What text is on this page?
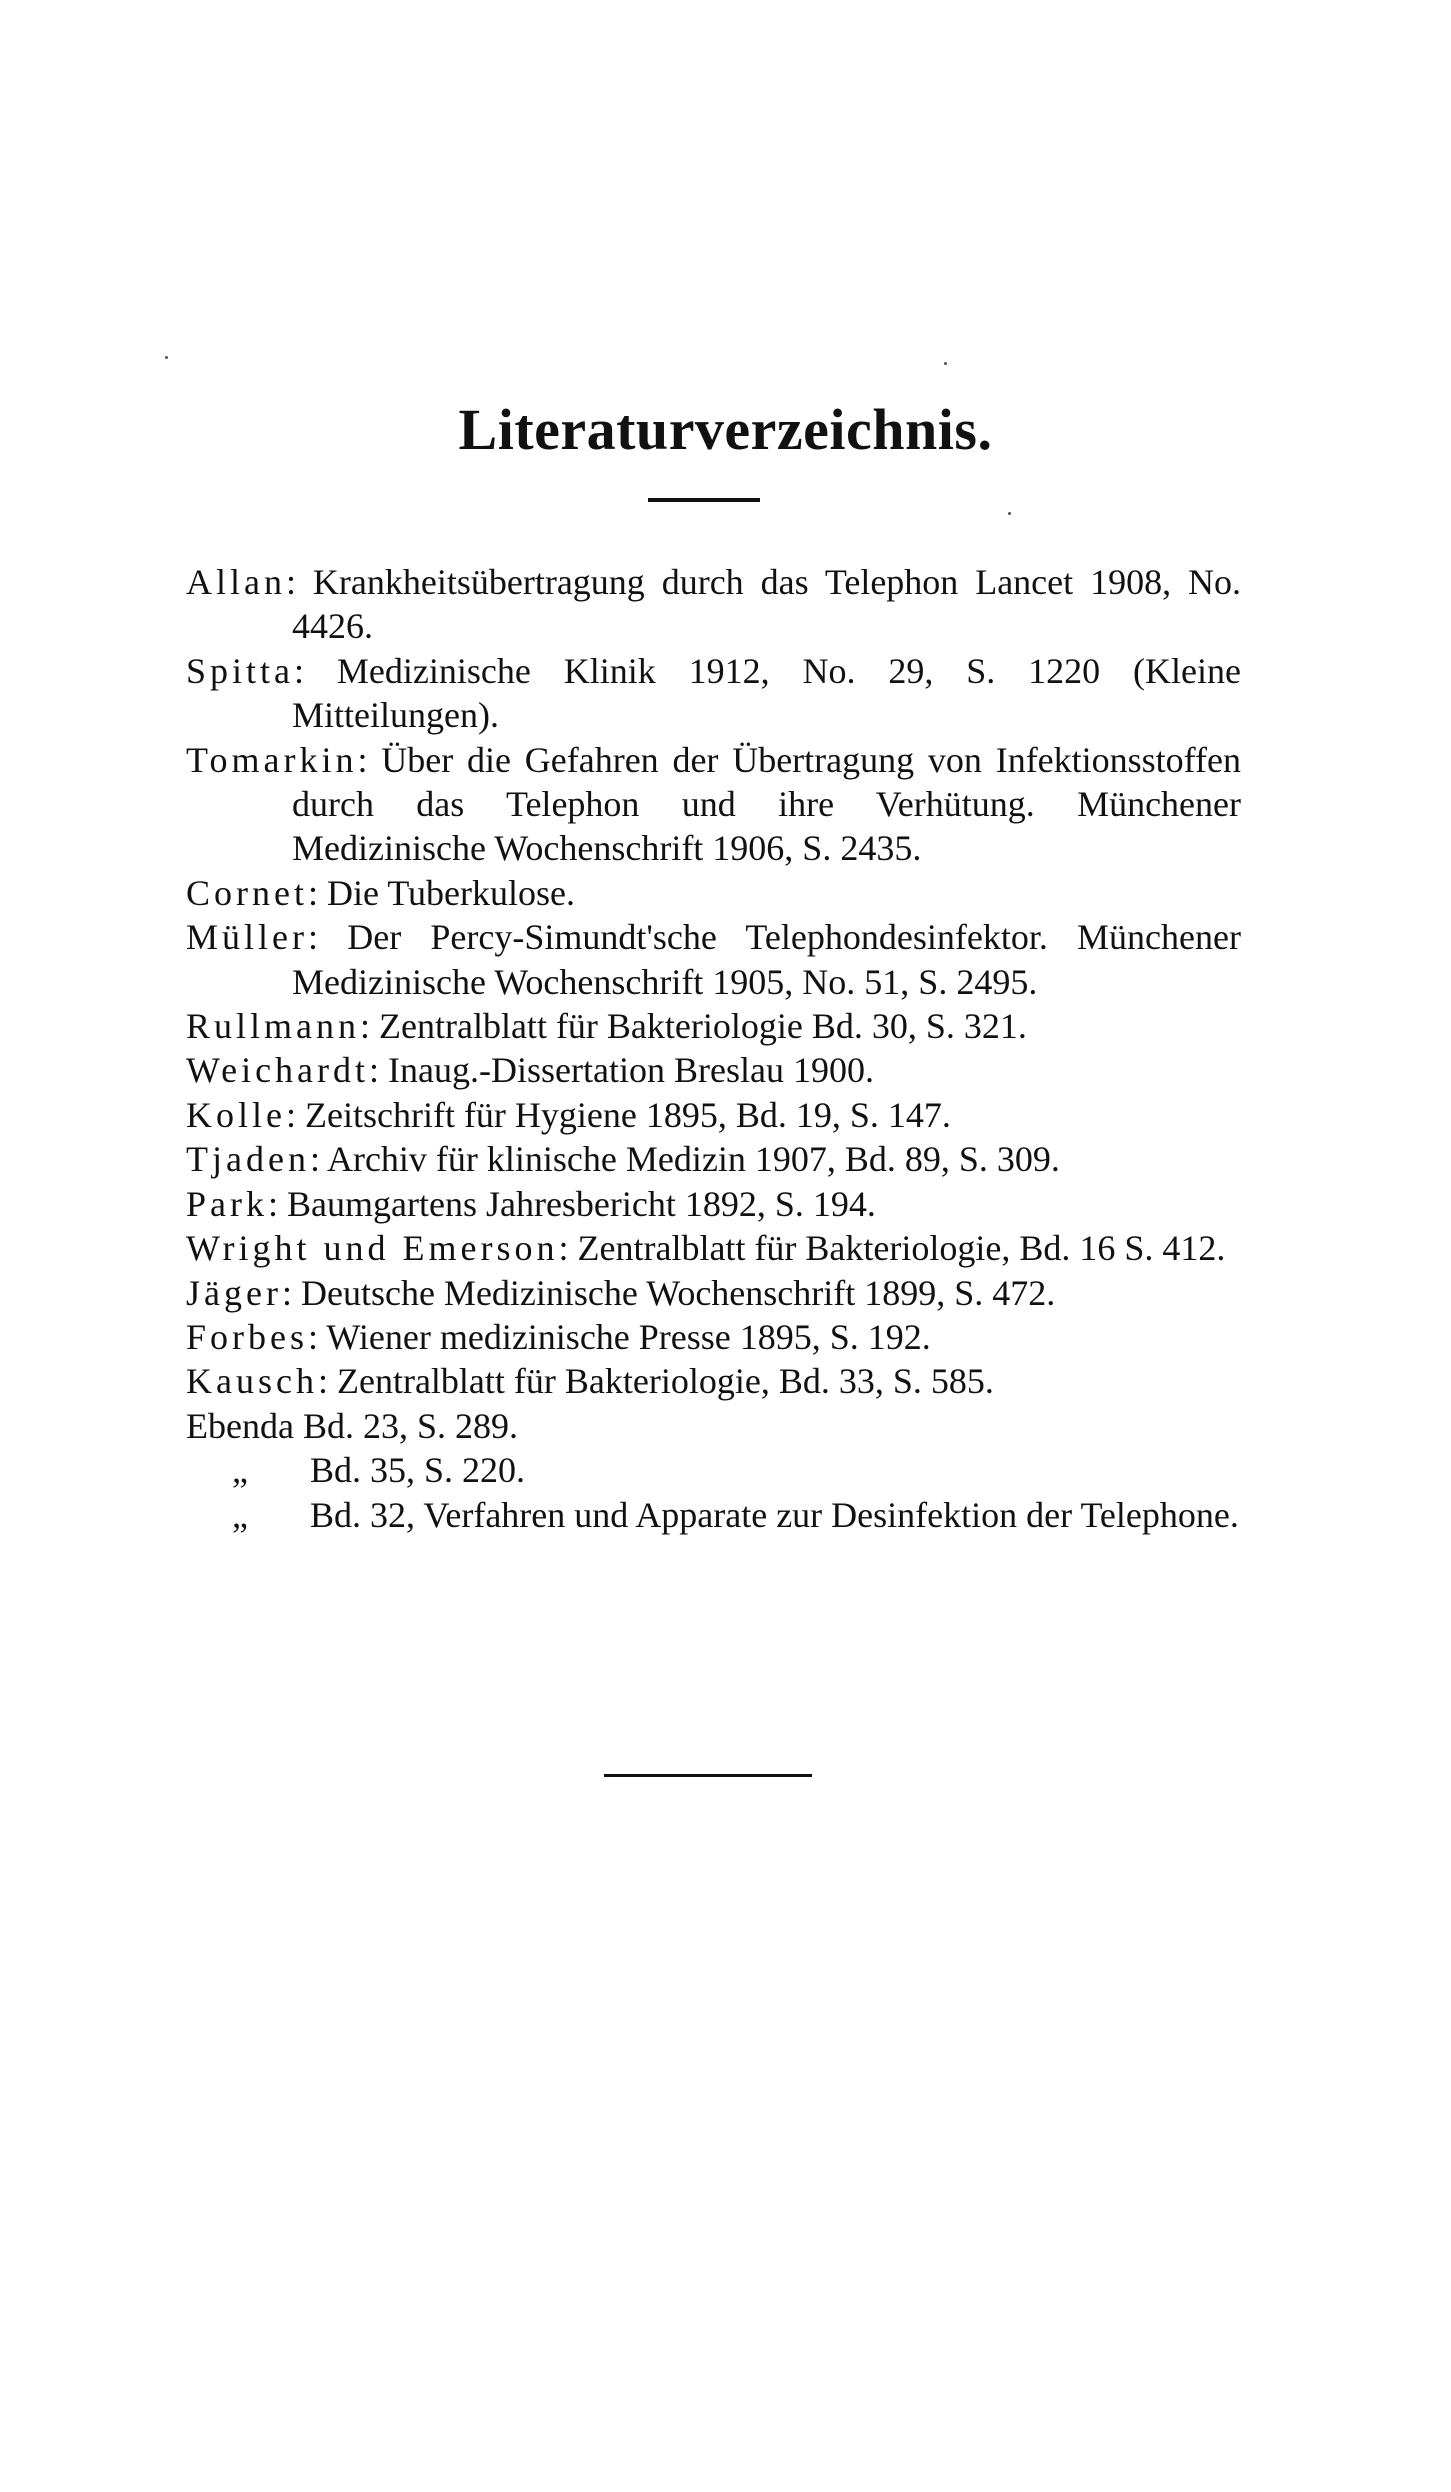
Literaturverzeichnis.
Allan: Krankheitsübertragung durch das Telephon Lancet 1908, No. 4426.
Spitta: Medizinische Klinik 1912, No. 29, S. 1220 (Kleine Mitteilungen).
Tomarkin: Über die Gefahren der Übertragung von Infektionsstoffen durch das Telephon und ihre Verhütung. Münchener Medizinische Wochenschrift 1906, S. 2435.
Cornet: Die Tuberkulose.
Müller: Der Percy-Simundt'sche Telephondesinfektor. Münchener Medizinische Wochenschrift 1905, No. 51, S. 2495.
Rullmann: Zentralblatt für Bakteriologie Bd. 30, S. 321.
Weichardt: Inaug.-Dissertation Breslau 1900.
Kolle: Zeitschrift für Hygiene 1895, Bd. 19, S. 147.
Tjaden: Archiv für klinische Medizin 1907, Bd. 89, S. 309.
Park: Baumgartens Jahresbericht 1892, S. 194.
Wright und Emerson: Zentralblatt für Bakteriologie, Bd. 16 S. 412.
Jäger: Deutsche Medizinische Wochenschrift 1899, S. 472.
Forbes: Wiener medizinische Presse 1895, S. 192.
Kausch: Zentralblatt für Bakteriologie, Bd. 33, S. 585.
Ebenda Bd. 23, S. 289.
„ Bd. 35, S. 220.
„ Bd. 32, Verfahren und Apparate zur Desinfektion der Telephone.
